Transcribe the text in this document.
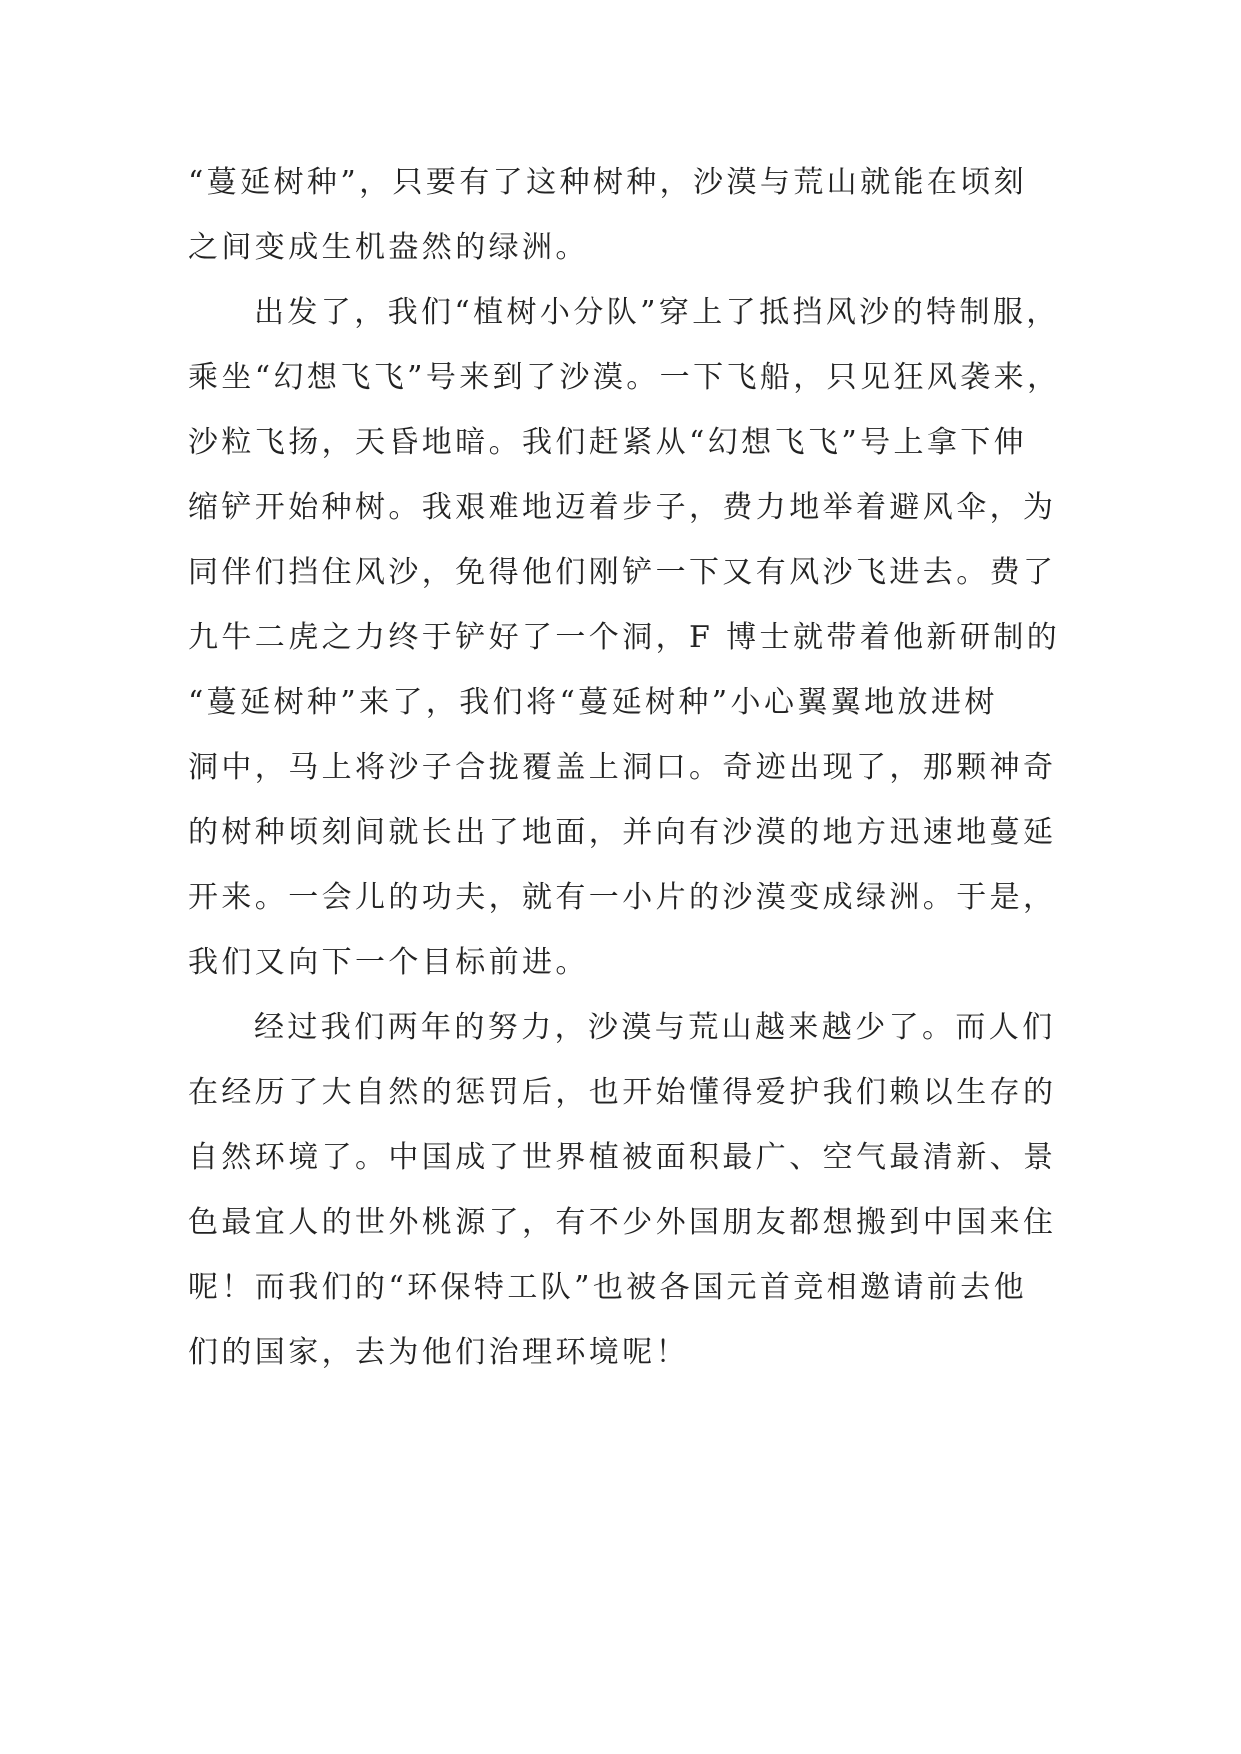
“蔓延树种”，只要有了这种树种，沙漠与荒山就能在顷刻
之间变成生机盎然的绿洲。
出发了，我们“植树小分队”穿上了抵挡风沙的特制服，
乘坐“幻想飞飞”号来到了沙漠。一下飞船，只见狂风袭来，
沙粒飞扬，天昏地暗。我们赶紧从“幻想飞飞”号上拿下伸
缩铲开始种树。我艰难地迈着步子，费力地举着避风伞，为
同伴们挡住风沙，免得他们刚铲一下又有风沙飞进去。费了
九牛二虎之力终于铲好了一个洞，F 博士就带着他新研制的
“蔓延树种”来了，我们将“蔓延树种”小心翼翼地放进树
洞中，马上将沙子合拢覆盖上洞口。奇迹出现了，那颗神奇
的树种顷刻间就长出了地面，并向有沙漠的地方迅速地蔓延
开来。一会儿的功夫，就有一小片的沙漠变成绿洲。于是，
我们又向下一个目标前进。
经过我们两年的努力，沙漠与荒山越来越少了。而人们
在经历了大自然的惩罚后，也开始懂得爱护我们赖以生存的
自然环境了。中国成了世界植被面积最广、空气最清新、景
色最宜人的世外桃源了，有不少外国朋友都想搬到中国来住
呢！而我们的“环保特工队”也被各国元首竞相邀请前去他
们的国家，去为他们治理环境呢！
